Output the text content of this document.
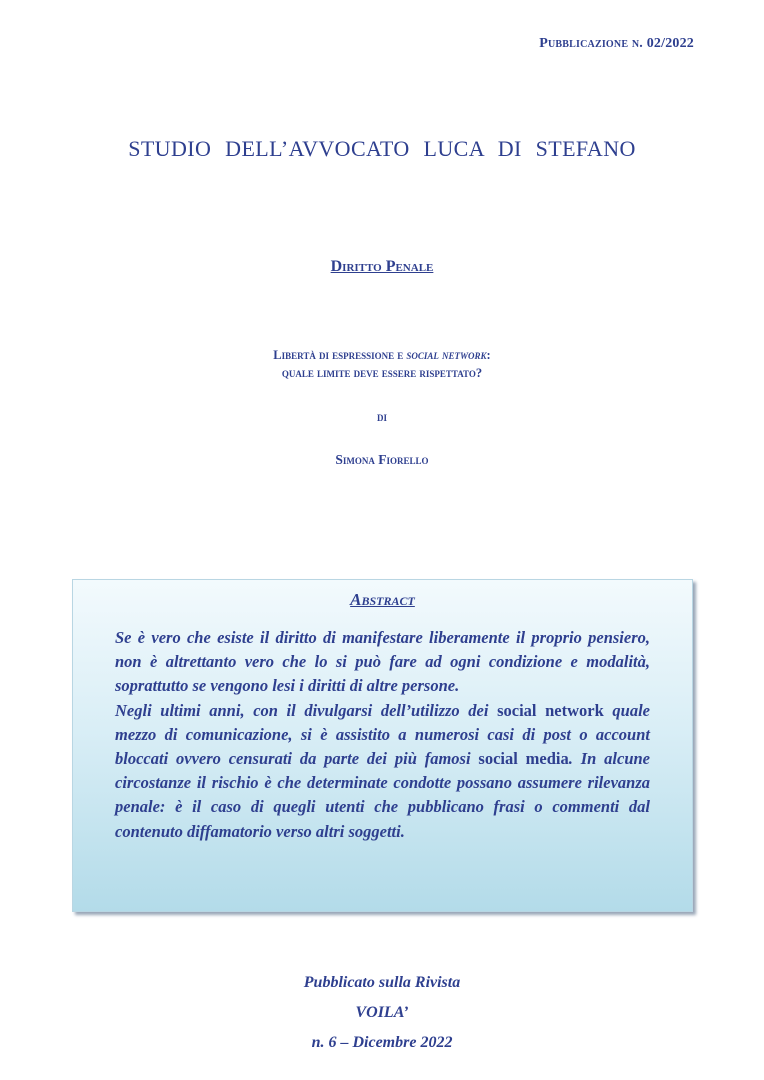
Pubblicazione n. 02/2022
STUDIO DELL’AVVOCATO LUCA DI STEFANO
Diritto Penale
Libertà di espressione e social network:
quale limite deve essere rispettato?
di
Simona Fiorello
Abstract

Se è vero che esiste il diritto di manifestare liberamente il proprio pensiero, non è altrettanto vero che lo si può fare ad ogni condizione e modalità, soprattutto se vengono lesi i diritti di altre persone.

Negli ultimi anni, con il divulgarsi dell’utilizzo dei social network quale mezzo di comunicazione, si è assistito a numerosi casi di post o account bloccati ovvero censurati da parte dei più famosi social media. In alcune circostanze il rischio è che determinate condotte possano assumere rilevanza penale: è il caso di quegli utenti che pubblicano frasi o commenti dal contenuto diffamatorio verso altri soggetti.

Pubblicato sulla Rivista
VOILA’
n. 6 – Dicembre 2022
